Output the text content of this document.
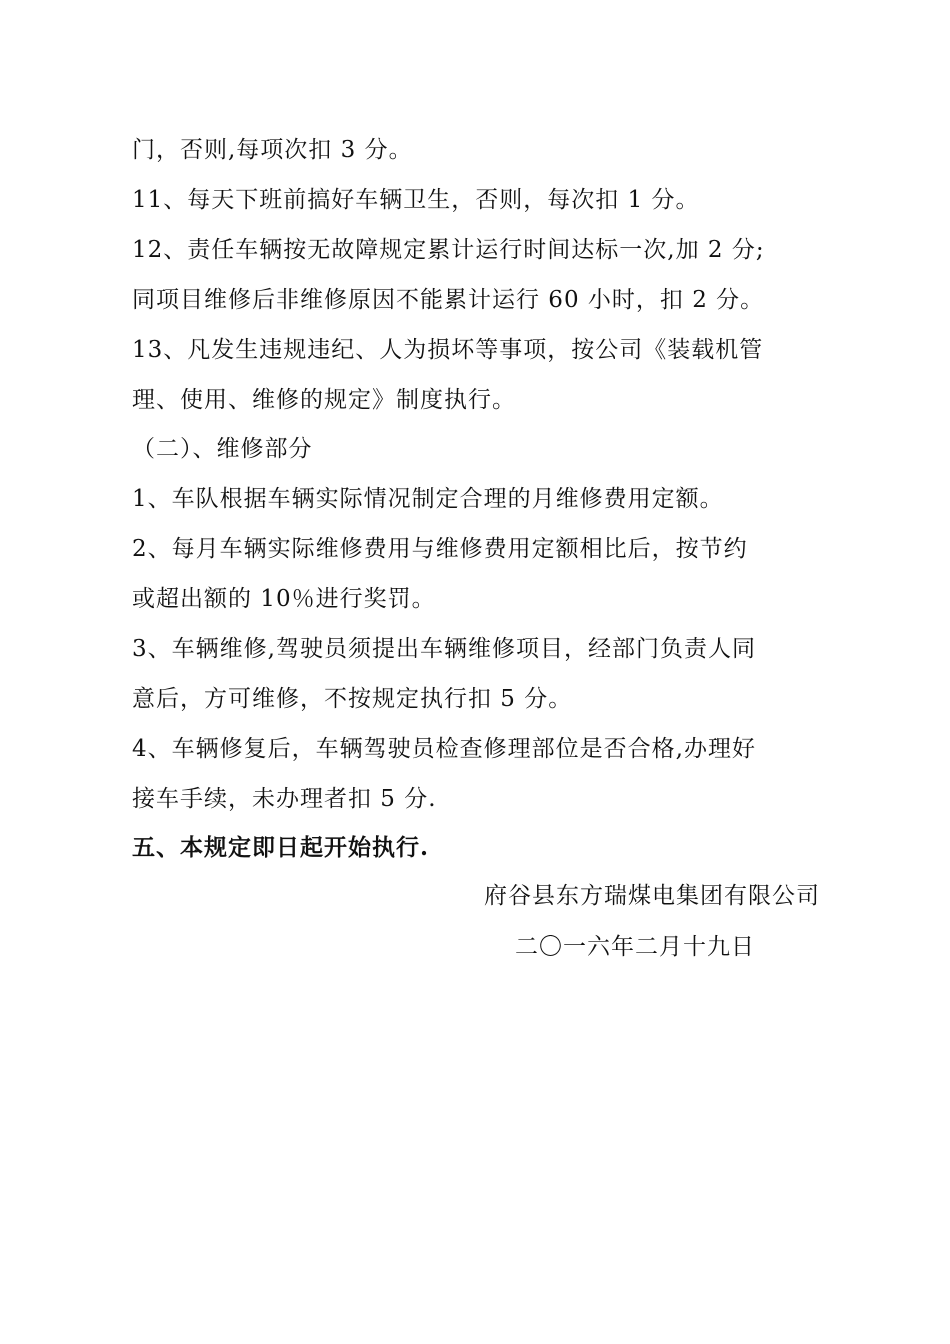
门，否则,每项次扣 3 分。
11、每天下班前搞好车辆卫生，否则，每次扣 1 分。
12、责任车辆按无故障规定累计运行时间达标一次,加 2 分;
同项目维修后非维修原因不能累计运行 60 小时，扣 2 分。
13、凡发生违规违纪、人为损坏等事项，按公司《装载机管
理、使用、维修的规定》制度执行。
（二）、维修部分
1、车队根据车辆实际情况制定合理的月维修费用定额。
2、每月车辆实际维修费用与维修费用定额相比后，按节约
或超出额的 10％进行奖罚。
3、车辆维修,驾驶员须提出车辆维修项目，经部门负责人同
意后，方可维修，不按规定执行扣 5 分。
4、车辆修复后，车辆驾驶员检查修理部位是否合格,办理好
接车手续，未办理者扣 5 分.
五、本规定即日起开始执行.
府谷县东方瑞煤电集团有限公司
二〇一六年二月十九日
